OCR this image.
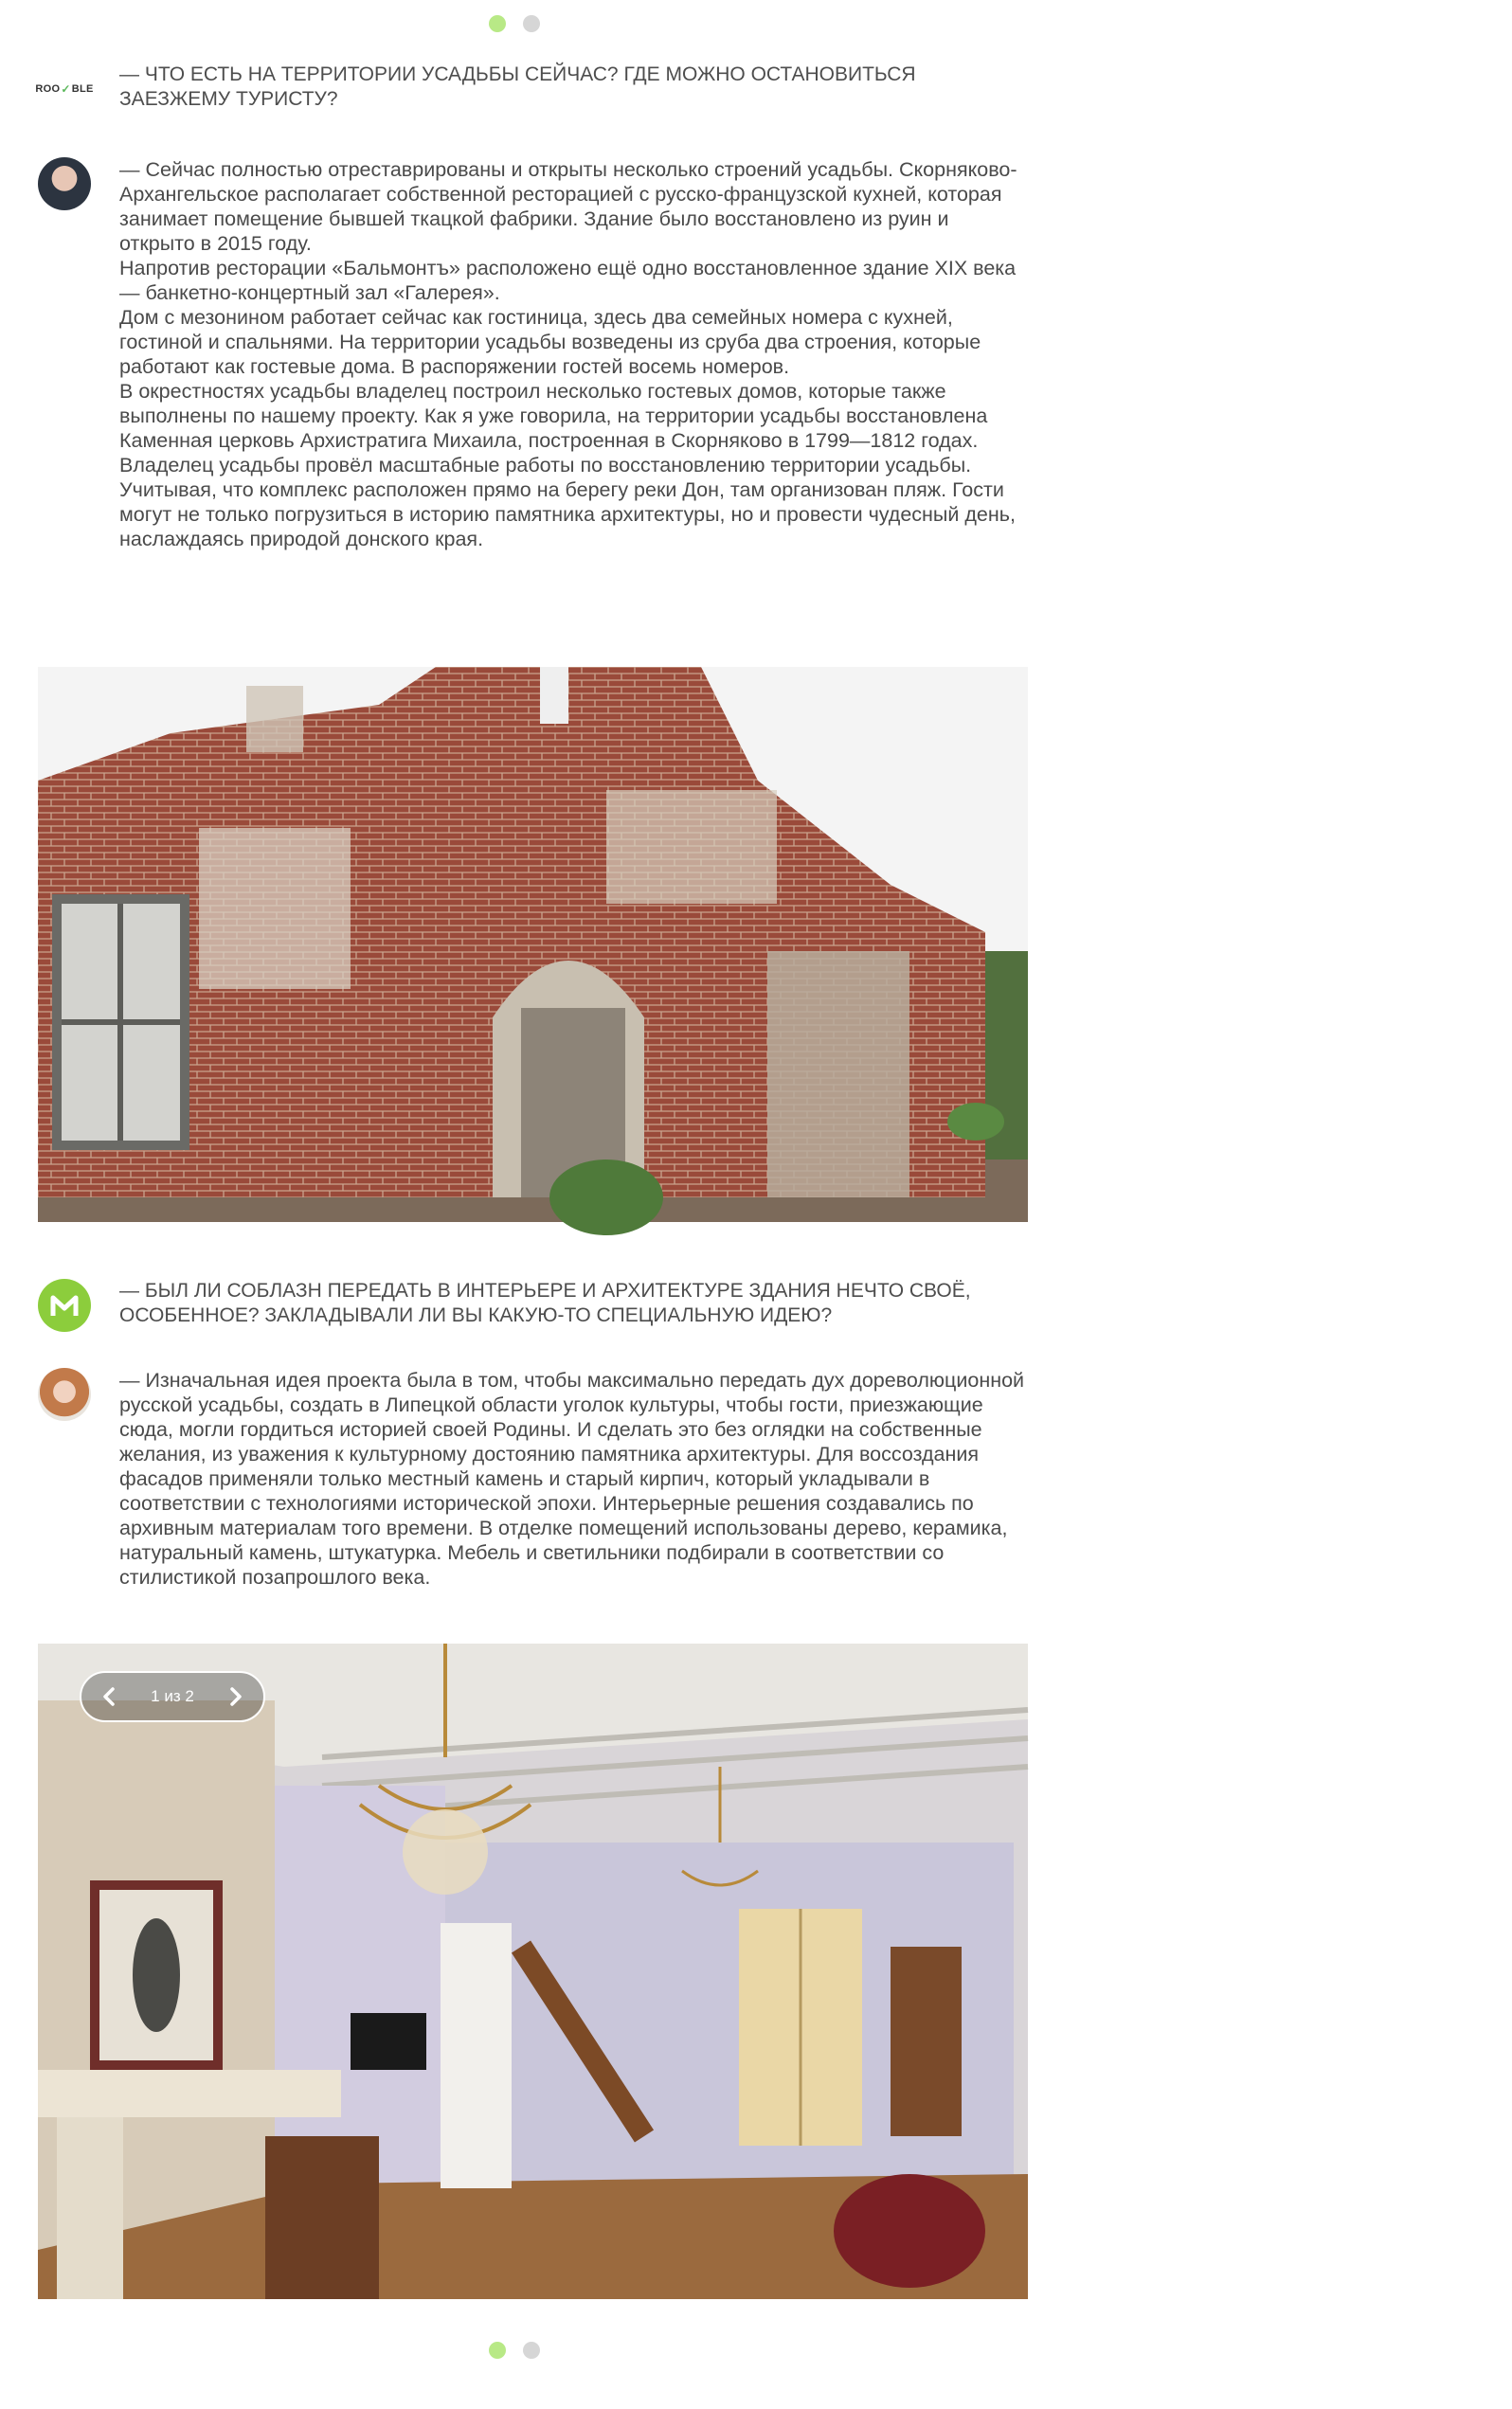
ROO ✓ BLE
— ЧТО ЕСТЬ НА ТЕРРИТОРИИ УСАДЬБЫ СЕЙЧАС? ГДЕ МОЖНО ОСТАНОВИТЬСЯ ЗАЕЗЖЕМУ ТУРИСТУ?

— Сейчас полностью отреставрированы и открыты несколько строений усадьбы. Скорняково-Архангельское располагает собственной ресторацией с русско-французской кухней, которая занимает помещение бывшей ткацкой фабрики. Здание было восстановлено из руин и открыто в 2015 году.

Напротив ресторации «Бальмонтъ» расположено ещё одно восстановленное здание XIX века — банкетно-концертный зал «Галерея».

Дом с мезонином работает сейчас как гостиница, здесь два семейных номера с кухней, гостиной и спальнями. На территории усадьбы возведены из сруба два строения, которые работают как гостевые дома. В распоряжении гостей восемь номеров.

В окрестностях усадьбы владелец построил несколько гостевых домов, которые также выполнены по нашему проекту. Как я уже говорила, на территории усадьбы восстановлена Каменная церковь Архистратига Михаила, построенная в Скорняково в 1799—1812 годах.

Владелец усадьбы провёл масштабные работы по восстановлению территории усадьбы. Учитывая, что комплекс расположен прямо на берегу реки Дон, там организован пляж. Гости могут не только погрузиться в историю памятника архитектуры, но и провести чудесный день, наслаждаясь природой донского края.

— БЫЛ ЛИ СОБЛАЗН ПЕРЕДАТЬ В ИНТЕРЬЕРЕ И АРХИТЕКТУРЕ ЗДАНИЯ НЕЧТО СВОЁ, ОСОБЕННОЕ? ЗАКЛАДЫВАЛИ ЛИ ВЫ КАКУЮ-ТО СПЕЦИАЛЬНУЮ ИДЕЮ?

— Изначальная идея проекта была в том, чтобы максимально передать дух дореволюционной русской усадьбы, создать в Липецкой области уголок культуры, чтобы гости, приезжающие сюда, могли гордиться историей своей Родины. И сделать это без оглядки на собственные желания, из уважения к культурному достоянию памятника архитектуры. Для воссоздания фасадов применяли только местный камень и старый кирпич, который укладывали в соответствии с технологиями исторической эпохи. Интерьерные решения создавались по архивным материалам того времени. В отделке помещений использованы дерево, керамика, натуральный камень, штукатурка. Мебель и светильники подбирали в соответствии со стилистикой позапрошлого века.

1 из 2
